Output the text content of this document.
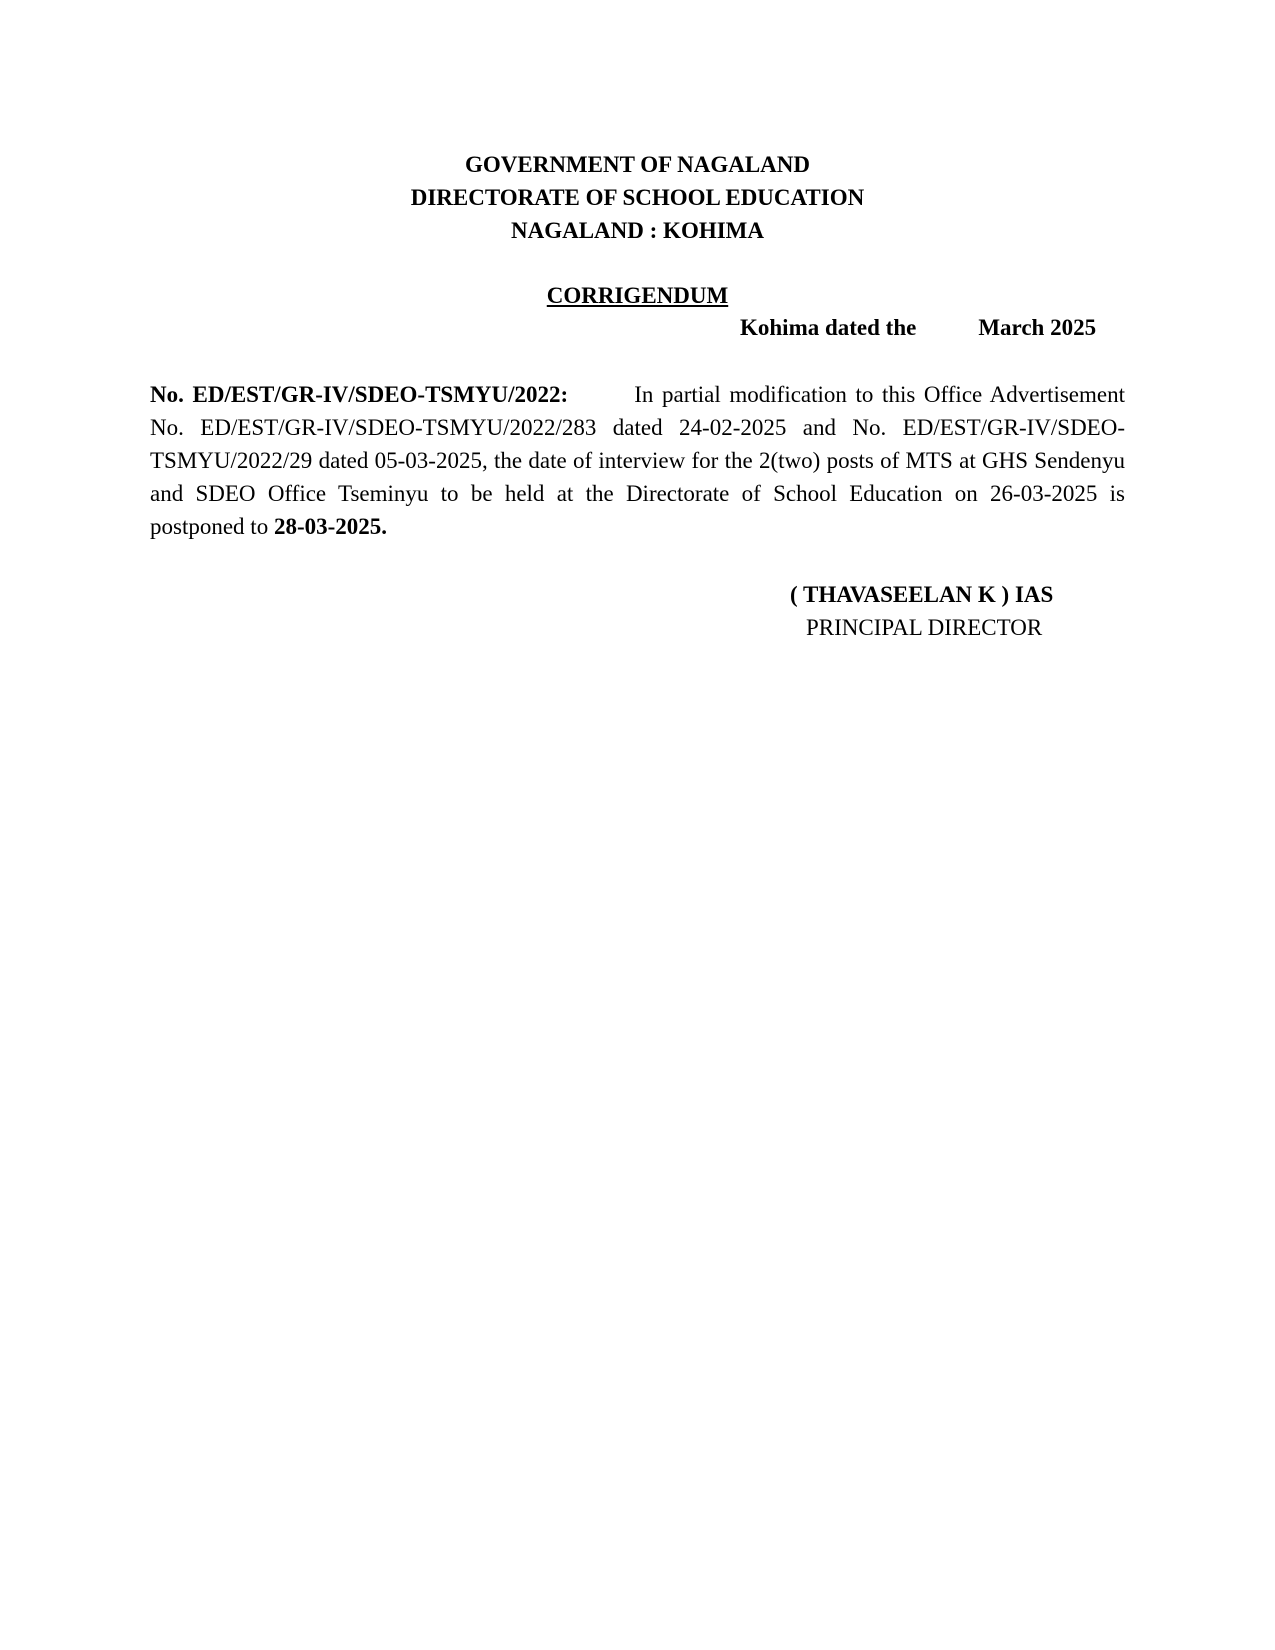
GOVERNMENT OF NAGALAND
DIRECTORATE OF SCHOOL EDUCATION
NAGALAND : KOHIMA
CORRIGENDUM
Kohima dated the	March 2025
No. ED/EST/GR-IV/SDEO-TSMYU/2022:	In partial modification to this Office Advertisement No. ED/EST/GR-IV/SDEO-TSMYU/2022/283 dated 24-02-2025 and No. ED/EST/GR-IV/SDEO-TSMYU/2022/29 dated 05-03-2025, the date of interview for the 2(two) posts of MTS at GHS Sendenyu and SDEO Office Tseminyu to be held at the Directorate of School Education on 26-03-2025 is postponed to 28-03-2025.
( THAVASEELAN K ) IAS
PRINCIPAL DIRECTOR
